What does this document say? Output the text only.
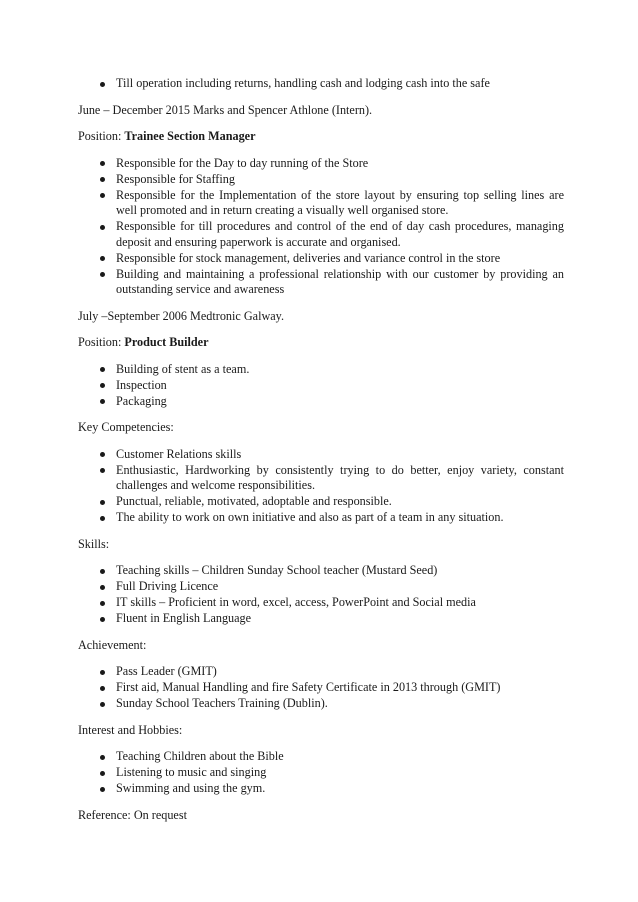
Till operation including returns, handling cash and lodging cash into the safe

June – December 2015 Marks and Spencer Athlone (Intern).

Position: Trainee Section Manager

Responsible for the Day to day running of the Store
Responsible for Staffing
Responsible for the Implementation of the store layout by ensuring top selling lines are well promoted and in return creating a visually well organised store.
Responsible for till procedures and control of the end of day cash procedures, managing deposit and ensuring paperwork is accurate and organised.
Responsible for stock management, deliveries and variance control in the store
Building and maintaining a professional relationship with our customer by providing an outstanding service and awareness

July –September 2006 Medtronic Galway.

Position: Product Builder

Building of stent as a team.
Inspection
Packaging

Key Competencies:

Customer Relations skills
Enthusiastic, Hardworking by consistently trying to do better, enjoy variety, constant challenges and welcome responsibilities.
Punctual, reliable, motivated, adoptable and responsible.
The ability to work on own initiative and also as part of a team in any situation.

Skills:

Teaching skills – Children Sunday School teacher (Mustard Seed)
Full Driving Licence
IT skills – Proficient in word, excel, access, PowerPoint and Social media
Fluent in English Language

Achievement:

Pass Leader (GMIT)
First aid, Manual Handling and fire Safety Certificate in 2013 through (GMIT)
Sunday School Teachers Training (Dublin).

Interest and Hobbies:

Teaching Children about the Bible
Listening to music and singing
Swimming and using the gym.

Reference: On request
